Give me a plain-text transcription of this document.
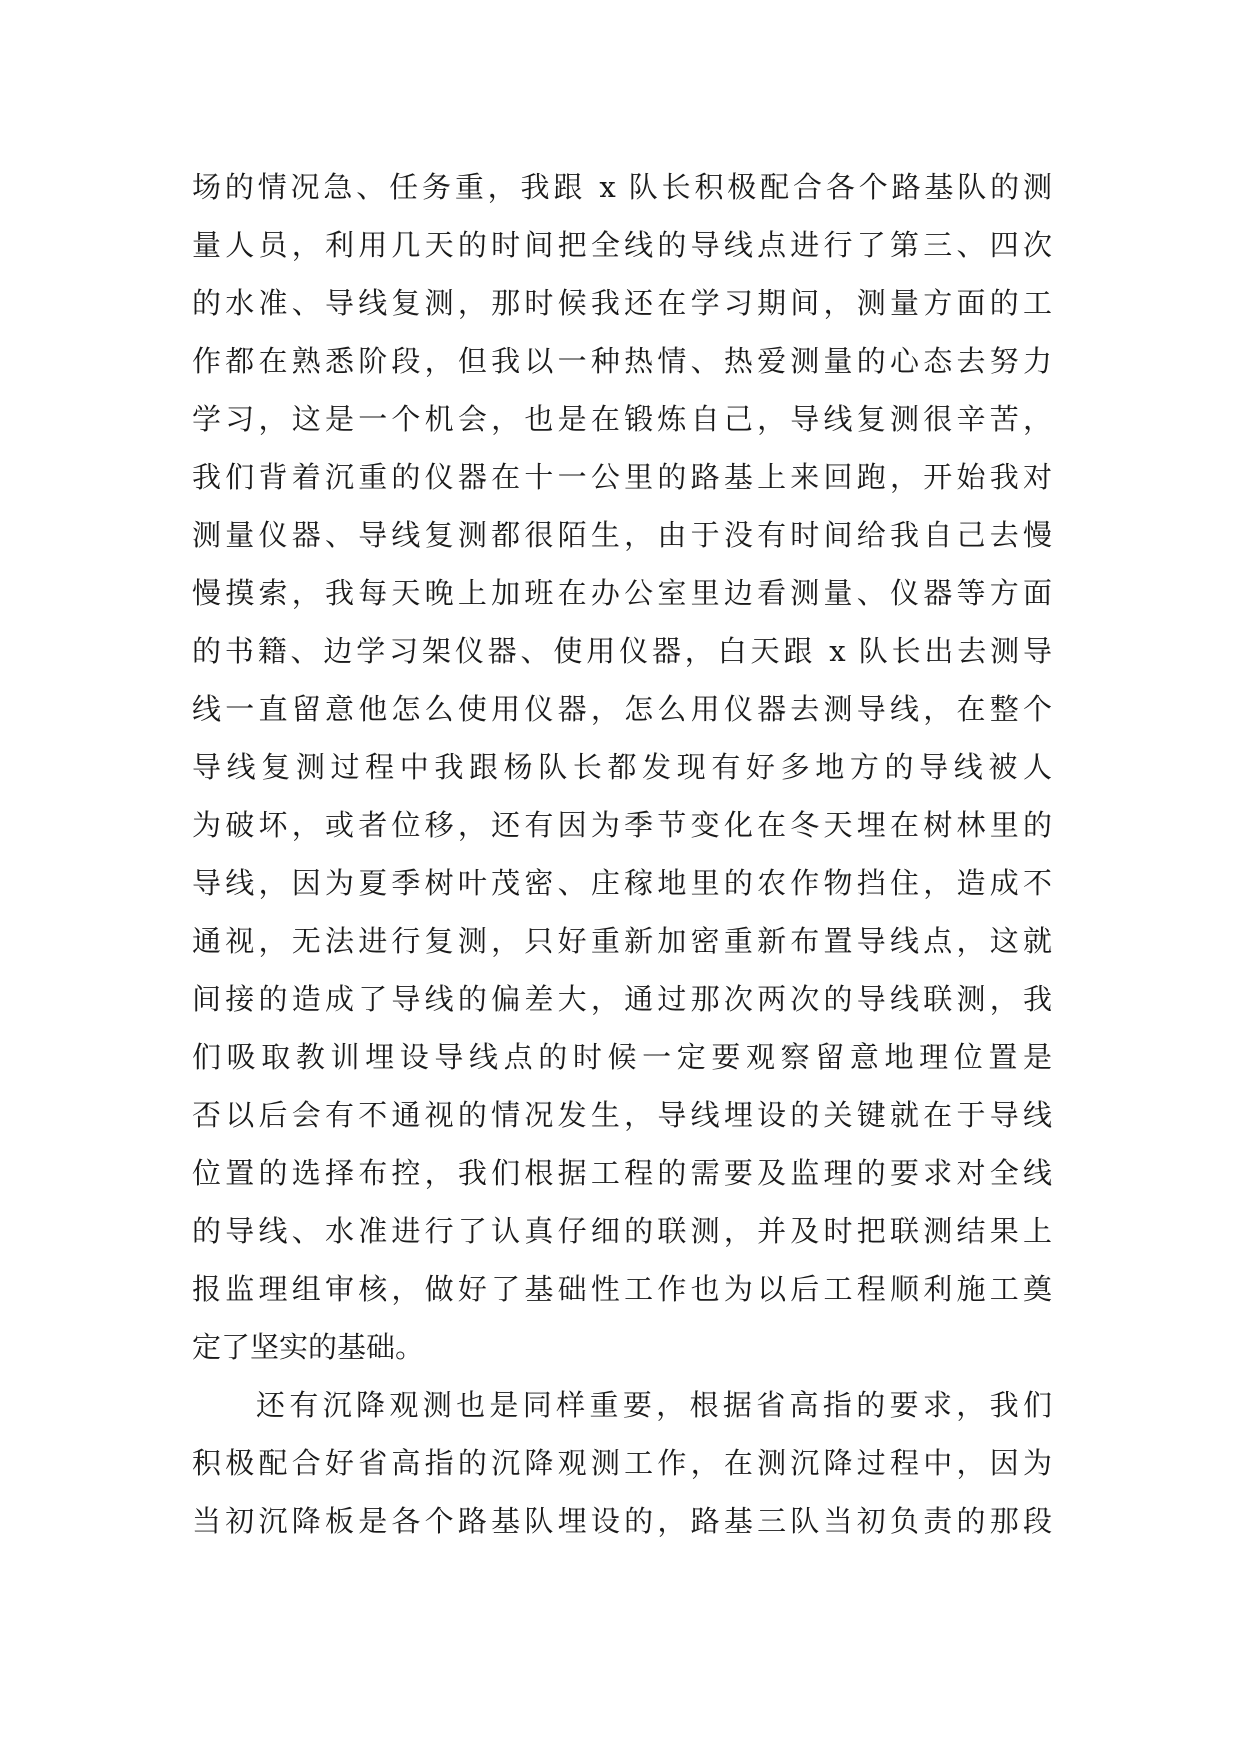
场的情况急、任务重，我跟 x 队长积极配合各个路基队的测
量人员，利用几天的时间把全线的导线点进行了第三、四次
的水准、导线复测，那时候我还在学习期间，测量方面的工
作都在熟悉阶段，但我以一种热情、热爱测量的心态去努力
学习，这是一个机会，也是在锻炼自己，导线复测很辛苦，
我们背着沉重的仪器在十一公里的路基上来回跑，开始我对
测量仪器、导线复测都很陌生，由于没有时间给我自己去慢
慢摸索，我每天晚上加班在办公室里边看测量、仪器等方面
的书籍、边学习架仪器、使用仪器，白天跟 x 队长出去测导
线一直留意他怎么使用仪器，怎么用仪器去测导线，在整个
导线复测过程中我跟杨队长都发现有好多地方的导线被人
为破坏，或者位移，还有因为季节变化在冬天埋在树林里的
导线，因为夏季树叶茂密、庄稼地里的农作物挡住，造成不
通视，无法进行复测，只好重新加密重新布置导线点，这就
间接的造成了导线的偏差大，通过那次两次的导线联测，我
们吸取教训埋设导线点的时候一定要观察留意地理位置是
否以后会有不通视的情况发生，导线埋设的关键就在于导线
位置的选择布控，我们根据工程的需要及监理的要求对全线
的导线、水准进行了认真仔细的联测，并及时把联测结果上
报监理组审核，做好了基础性工作也为以后工程顺利施工奠
定了坚实的基础。
还有沉降观测也是同样重要，根据省高指的要求，我们
积极配合好省高指的沉降观测工作，在测沉降过程中，因为
当初沉降板是各个路基队埋设的，路基三队当初负责的那段
